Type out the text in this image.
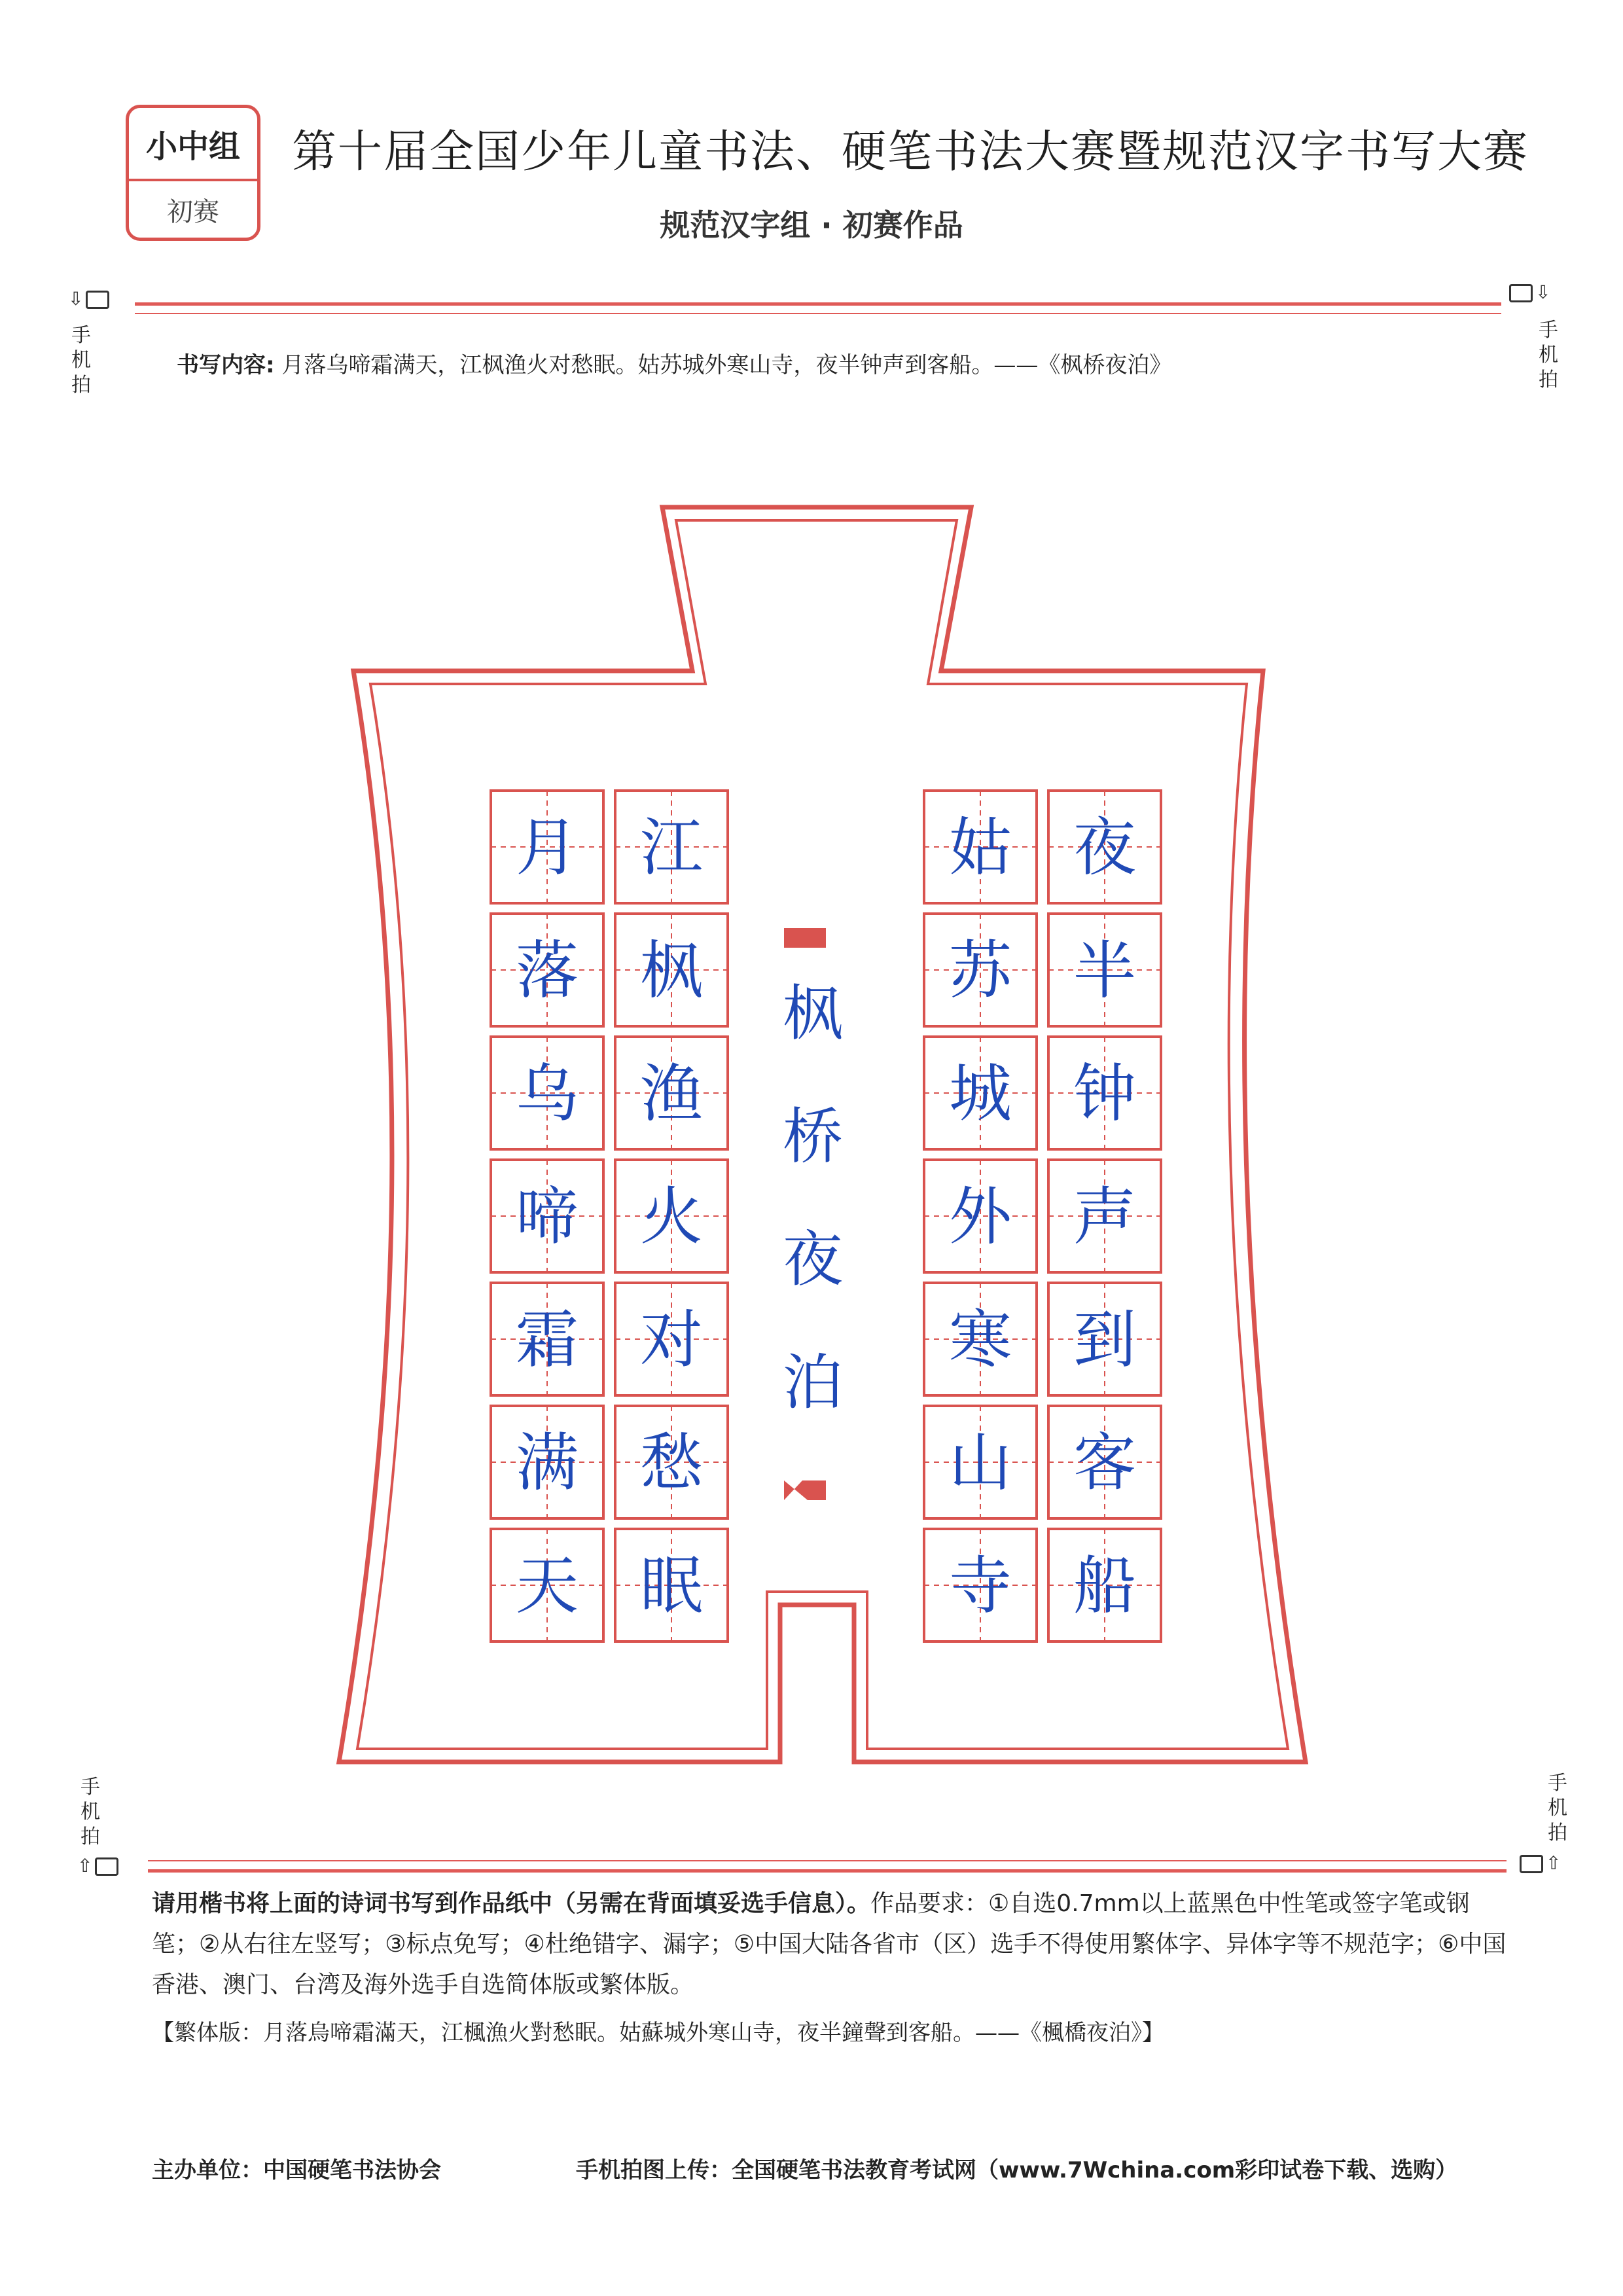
小中组
初赛
第十届全国少年儿童书法、硬笔书法大赛暨规范汉字书写大赛
规范汉字组 · 初赛作品
⇩
手
机
拍
⇩
手
机
拍
书写内容: 月落乌啼霜满天，江枫渔火对愁眠。姑苏城外寒山寺，夜半钟声到客船。——《枫桥夜泊》
夜
半
钟
声
到
客
船
姑
苏
城
外
寒
山
寺
江
枫
渔
火
对
愁
眠
月
落
乌
啼
霜
满
天
枫
桥
夜
泊
手
机
拍
⇧
手
机
拍
⇧
请用楷书将上面的诗词书写到作品纸中（另需在背面填妥选手信息）。作品要求：①自选0.7mm以上蓝黑色中性笔或签字笔或钢笔；②从右往左竖写；③标点免写；④杜绝错字、漏字；⑤中国大陆各省市（区）选手不得使用繁体字、异体字等不规范字；⑥中国香港、澳门、台湾及海外选手自选简体版或繁体版。
【繁体版：月落烏啼霜滿天，江楓漁火對愁眠。姑蘇城外寒山寺，夜半鐘聲到客船。——《楓橋夜泊》】
主办单位：中国硬笔书法协会	手机拍图上传：全国硬笔书法教育考试网（www.7Wchina.com彩印试卷下载、选购）
